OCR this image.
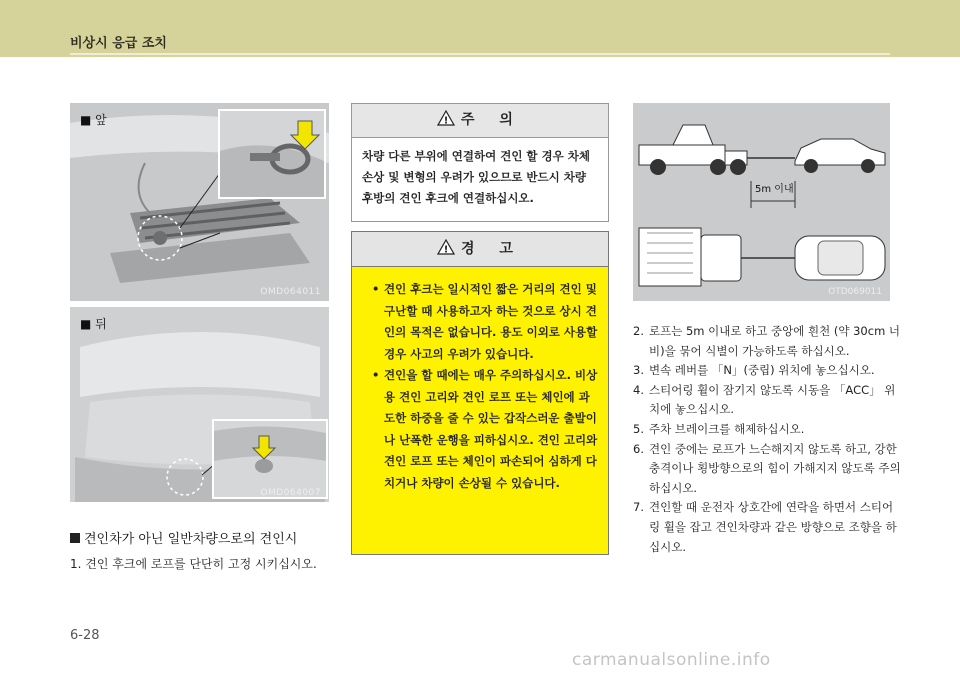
비상시 응급 조치
■ 앞
OMD064011
■ 뒤
OMD064007
견인차가 아닌 일반차량으로의 견인시
1. 견인 후크에 로프를 단단히 고정 시키십시오.
! 주 의
차량 다른 부위에 연결하여 견인 할 경우 차체 손상 및 변형의 우려가 있으므로 반드시 차량 후방의 견인 후크에 연결하십시오.
! 경 고
• 견인 후크는 일시적인 짧은 거리의 견인 및 구난할 때 사용하고자 하는 것으로 상시 견인의 목적은 없습니다. 용도 이외로 사용할 경우 사고의 우려가 있습니다.
• 견인을 할 때에는 매우 주의하십시오. 비상용 견인 고리와 견인 로프 또는 체인에 과도한 하중을 줄 수 있는 갑작스러운 출발이나 난폭한 운행을 피하십시오. 견인 고리와 견인 로프 또는 체인이 파손되어 심하게 다치거나 차량이 손상될 수 있습니다.
5m 이내
OTD069011
2. 로프는 5m 이내로 하고 중앙에 흰천 (약 30cm 너비)을 묶어 식별이 가능하도록 하십시오.
3. 변속 레버를 「N」(중립) 위치에 놓으십시오.
4. 스티어링 휠이 잠기지 않도록 시동을 「ACC」 위치에 놓으십시오.
5. 주차 브레이크를 해제하십시오.
6. 견인 중에는 로프가 느슨해지지 않도록 하고, 강한 충격이나 횡방향으로의 힘이 가해지지 않도록 주의하십시오.
7. 견인할 때 운전자 상호간에 연락을 하면서 스티어링 휠을 잡고 견인차량과 같은 방향으로 조향을 하십시오.
6-28
carmanualsonline.info
